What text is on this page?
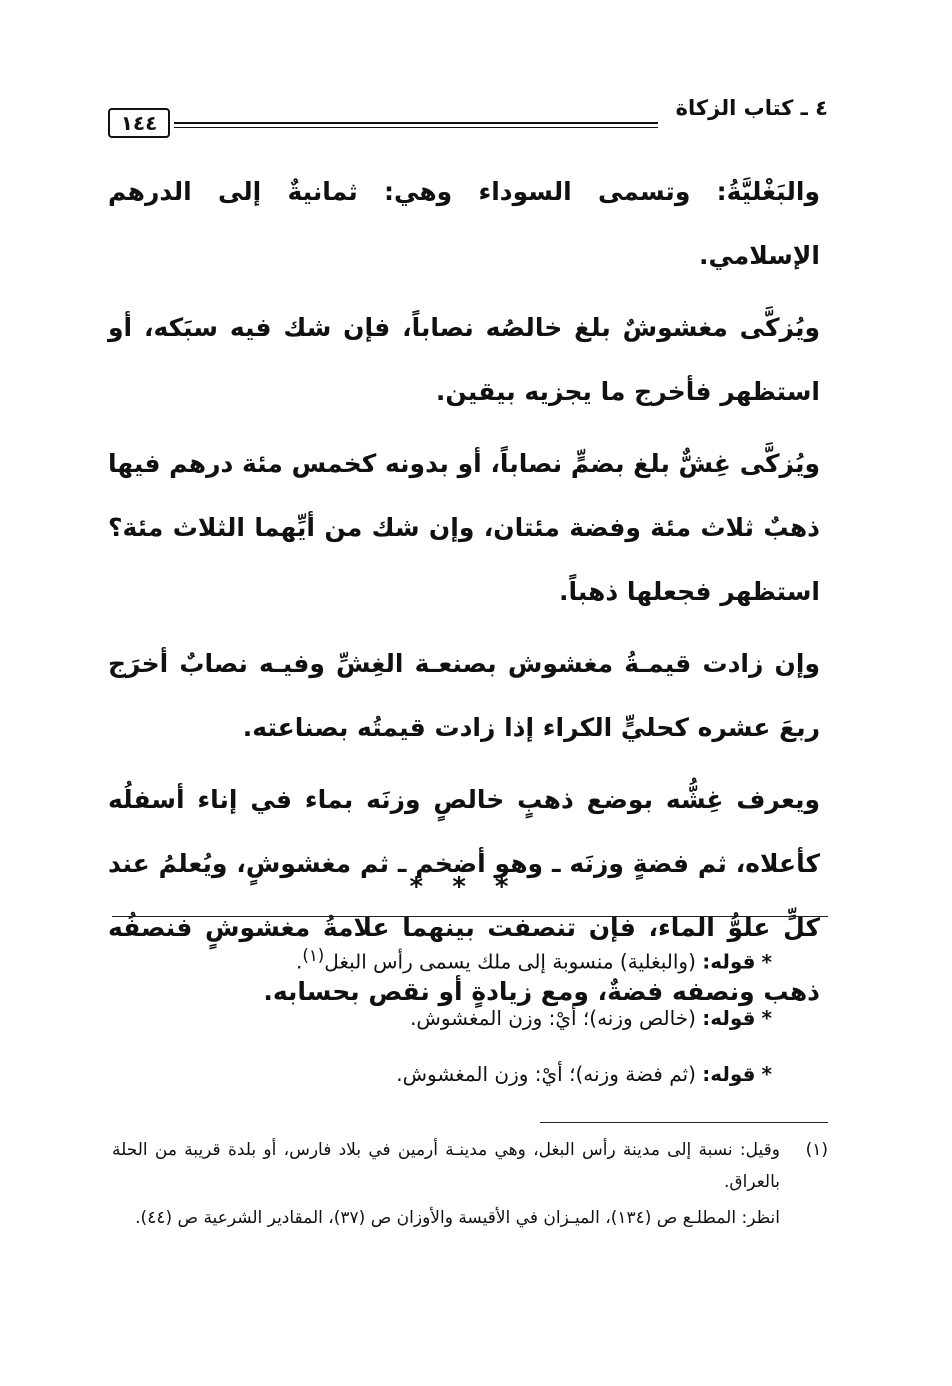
٤ ـ كتاب الزكاة
١٤٤

والبَغْليَّةُ: وتسمى السوداء وهي: ثمانيةٌ إلى الدرهم الإسلامي.

ويُزكَّى مغشوشٌ بلغ خالصُه نصاباً، فإن شك فيه سبَكه، أو استظهر فأخرج ما يجزيه بيقين.

ويُزكَّى غِشٌّ بلغ بضمٍّ نصاباً، أو بدونه كخمس مئة درهم فيها ذهبٌ ثلاث مئة وفضة مئتان، وإن شك من أيِّهما الثلاث مئة؟ استظهر فجعلها ذهباً.

وإن زادت قيمـةُ مغشوش بصنعـة الغِشِّ وفيـه نصابٌ أخرَج ربعَ عشره كحليٍّ الكراء إذا زادت قيمتُه بصناعته.

ويعرف غِشُّه بوضع ذهبٍ خالصٍ وزنَه بماء في إناء أسفلُه كأعلاه، ثم فضةٍ وزنَه ـ وهو أضخم ـ ثم مغشوشٍ، ويُعلمُ عند كلٍّ علوُّ الماء، فإن تنصفت بينهما علامةُ مغشوشٍ فنصفُه ذهب ونصفه فضةٌ، ومع زيادةٍ أو نقص بحسابه.

* * *

*قوله: (والبغلية) منسوبة إلى ملك يسمى رأس البغل$^{(١)}$.

*قوله: (خالص وزنه)؛ أيْ: وزن المغشوش.

*قوله: (ثم فضة وزنه)؛ أيْ: وزن المغشوش.

(١)
وقيل: نسبة إلى مدينة رأس البغل، وهي مدينـة أرمين في بلاد فارس، أو بلدة قريبة من الحلة بالعراق.

انظر: المطلـع ص (١٣٤)، الميـزان في الأقيسة والأوزان ص (٣٧)، المقادير الشرعية ص (٤٤).
